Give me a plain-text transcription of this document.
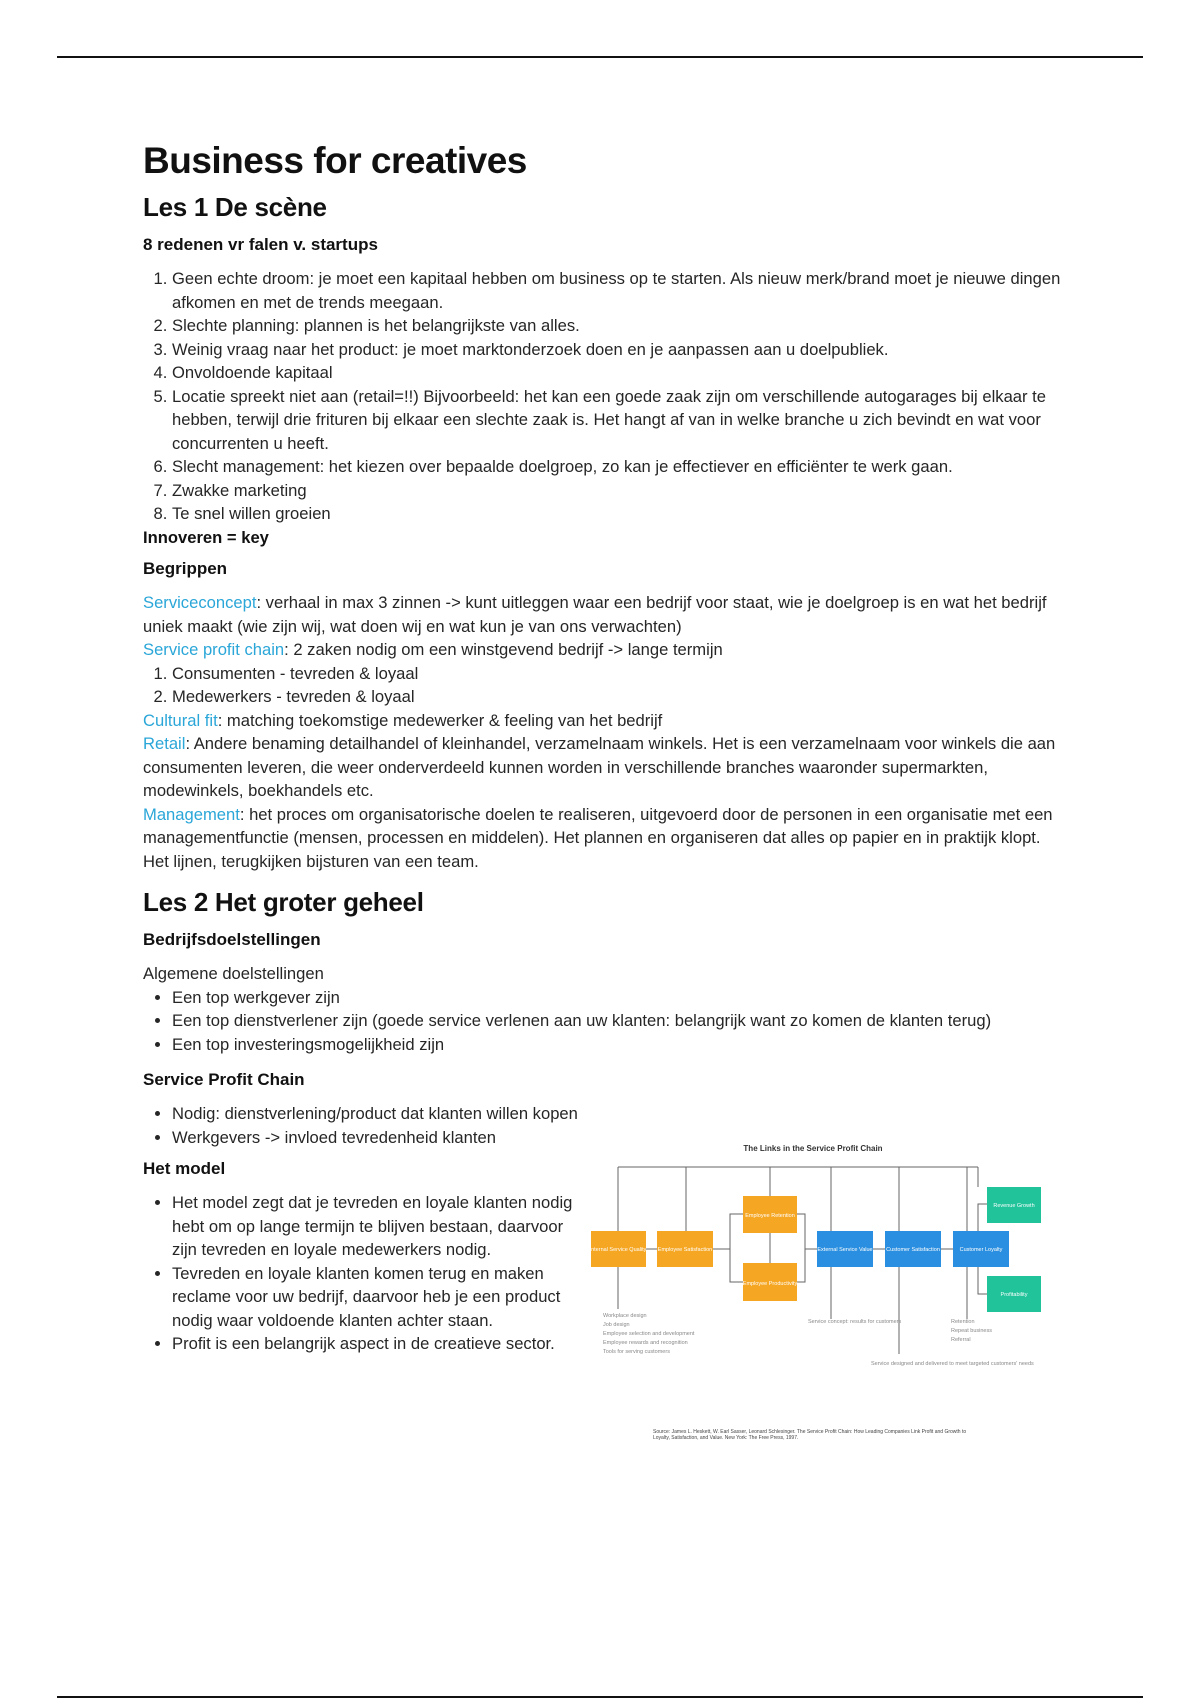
Business for creatives
Les 1 De scène
8 redenen vr falen v. startups
1. Geen echte droom: je moet een kapitaal hebben om business op te starten. Als nieuw merk/brand moet je nieuwe dingen afkomen en met de trends meegaan.
2. Slechte planning: plannen is het belangrijkste van alles.
3. Weinig vraag naar het product: je moet marktonderzoek doen en je aanpassen aan u doelpubliek.
4. Onvoldoende kapitaal
5. Locatie spreekt niet aan (retail=!!) Bijvoorbeeld: het kan een goede zaak zijn om verschillende autogarages bij elkaar te hebben, terwijl drie frituren bij elkaar een slechte zaak is. Het hangt af van in welke branche u zich bevindt en wat voor concurrenten u heeft.
6. Slecht management: het kiezen over bepaalde doelgroep, zo kan je effectiever en efficiënter te werk gaan.
7. Zwakke marketing
8. Te snel willen groeien

Innoveren = key

Begrippen

Serviceconcept: verhaal in max 3 zinnen -> kunt uitleggen waar een bedrijf voor staat, wie je doelgroep is en wat het bedrijf uniek maakt (wie zijn wij, wat doen wij en wat kun je van ons verwachten)

Service profit chain: 2 zaken nodig om een winstgevend bedrijf -> lange termijn

1. Consumenten - tevreden & loyaal
2. Medewerkers - tevreden & loyaal

Cultural fit: matching toekomstige medewerker & feeling van het bedrijf

Retail: Andere benaming detailhandel of kleinhandel, verzamelnaam winkels. Het is een verzamelnaam voor winkels die aan consumenten leveren, die weer onderverdeeld kunnen worden in verschillende branches waaronder supermarkten, modewinkels, boekhandels etc.

Management: het proces om organisatorische doelen te realiseren, uitgevoerd door de personen in een organisatie met een managementfunctie (mensen, processen en middelen). Het plannen en organiseren dat alles op papier en in praktijk klopt. Het lijnen, terugkijken bijsturen van een team.

Les 2 Het groter geheel
Bedrijfsdoelstellingen

Algemene doelstellingen

• Een top werkgever zijn
• Een top dienstverlener zijn (goede service verlenen aan uw klanten: belangrijk want zo komen de klanten terug)
• Een top investeringsmogelijkheid zijn
Service Profit Chain
• Nodig: dienstverlening/product dat klanten willen kopen
• Werkgevers -> invloed tevredenheid klanten
Het model
• Het model zegt dat je tevreden en loyale klanten nodig hebt om op lange termijn te blijven bestaan, daarvoor zijn tevreden en loyale medewerkers nodig.
• Tevreden en loyale klanten komen terug en maken reclame voor uw bedrijf, daarvoor heb je een product nodig waar voldoende klanten achter staan.
• Profit is een belangrijk aspect in de creatieve sector.
The Links in the Service Profit Chain
Internal Service Quality Employee Satisfaction
Employee Retention
Employee Productivity
External Service Value Customer Satisfaction	Customer Loyalty
Revenue Growth
Profitability
Workplace design
Job design
Employee selection and development
Employee rewards and recognition
Tools for serving customers
Service concept: results for customers
Service designed and delivered to meet targeted customers' needs
Retention
Repeat business
Referral
Source: James L. Heskett, W. Earl Sasser, Leonard Schlesinger. The Service Profit Chain: How Leading Companies Link Profit and Growth to Loyalty, Satisfaction, and Value. New York: The Free Press, 1997.
